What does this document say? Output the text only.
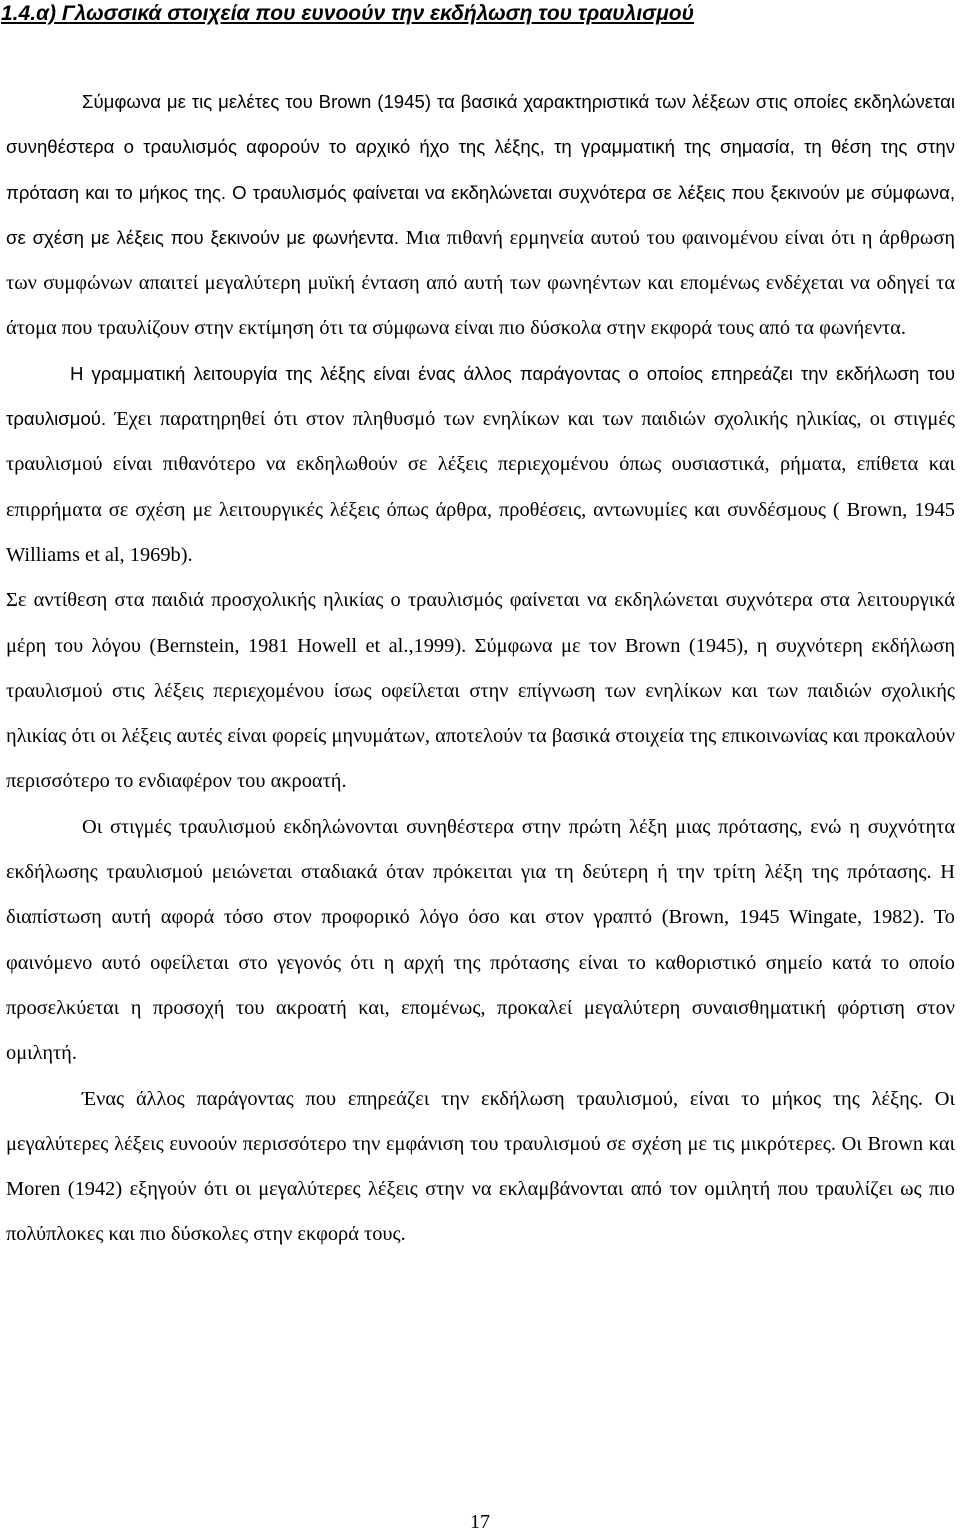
1.4.α) Γλωσσικά στοιχεία που ευνοούν την εκδήλωση του τραυλισμού

Σύμφωνα με τις μελέτες του Brown (1945) τα βασικά χαρακτηριστικά των λέξεων στις οποίες εκδηλώνεται συνηθέστερα ο τραυλισμός αφορούν το αρχικό ήχο της λέξης, τη γραμματική της σημασία, τη θέση της στην πρόταση και το μήκος της. Ο τραυλισμός φαίνεται να εκδηλώνεται συχνότερα σε λέξεις που ξεκινούν με σύμφωνα, σε σχέση με λέξεις που ξεκινούν με φωνήεντα. Μια πιθανή ερμηνεία αυτού του φαινομένου είναι ότι η άρθρωση των συμφώνων απαιτεί μεγαλύτερη μυϊκή ένταση από αυτή των φωνηέντων και επομένως ενδέχεται να οδηγεί τα άτομα που τραυλίζουν στην εκτίμηση ότι τα σύμφωνα είναι πιο δύσκολα στην εκφορά τους από τα φωνήεντα.

Η γραμματική λειτουργία της λέξης είναι ένας άλλος παράγοντας ο οποίος επηρεάζει την εκδήλωση του τραυλισμού. Έχει παρατηρηθεί ότι στον πληθυσμό των ενηλίκων και των παιδιών σχολικής ηλικίας, οι στιγμές τραυλισμού είναι πιθανότερο να εκδηλωθούν σε λέξεις περιεχομένου όπως ουσιαστικά, ρήματα, επίθετα και επιρρήματα σε σχέση με λειτουργικές λέξεις όπως άρθρα, προθέσεις, αντωνυμίες και συνδέσμους ( Brown, 1945 Williams et al, 1969b).

Σε αντίθεση στα παιδιά προσχολικής ηλικίας ο τραυλισμός φαίνεται να εκδηλώνεται συχνότερα στα λειτουργικά μέρη του λόγου (Bernstein, 1981 Howell et al.,1999). Σύμφωνα με τον Brown (1945), η συχνότερη εκδήλωση τραυλισμού στις λέξεις περιεχομένου ίσως οφείλεται στην επίγνωση των ενηλίκων και των παιδιών σχολικής ηλικίας ότι οι λέξεις αυτές είναι φορείς μηνυμάτων, αποτελούν τα βασικά στοιχεία της επικοινωνίας και προκαλούν περισσότερο το ενδιαφέρον του ακροατή.

Οι στιγμές τραυλισμού εκδηλώνονται συνηθέστερα στην πρώτη λέξη μιας πρότασης, ενώ η συχνότητα εκδήλωσης τραυλισμού μειώνεται σταδιακά όταν πρόκειται για τη δεύτερη ή την τρίτη λέξη της πρότασης. Η διαπίστωση αυτή αφορά τόσο στον προφορικό λόγο όσο και στον γραπτό (Brown, 1945 Wingate, 1982). Το φαινόμενο αυτό οφείλεται στο γεγονός ότι η αρχή της πρότασης είναι το καθοριστικό σημείο κατά το οποίο προσελκύεται η προσοχή του ακροατή και, επομένως, προκαλεί μεγαλύτερη συναισθηματική φόρτιση στον ομιλητή.

Ένας άλλος παράγοντας που επηρεάζει την εκδήλωση τραυλισμού, είναι το μήκος της λέξης. Οι μεγαλύτερες λέξεις ευνοούν περισσότερο την εμφάνιση του τραυλισμού σε σχέση με τις μικρότερες. Οι Brown και Moren (1942) εξηγούν ότι οι μεγαλύτερες λέξεις στην να εκλαμβάνονται από τον ομιλητή που τραυλίζει ως πιο πολύπλοκες και πιο δύσκολες στην εκφορά τους.

17
